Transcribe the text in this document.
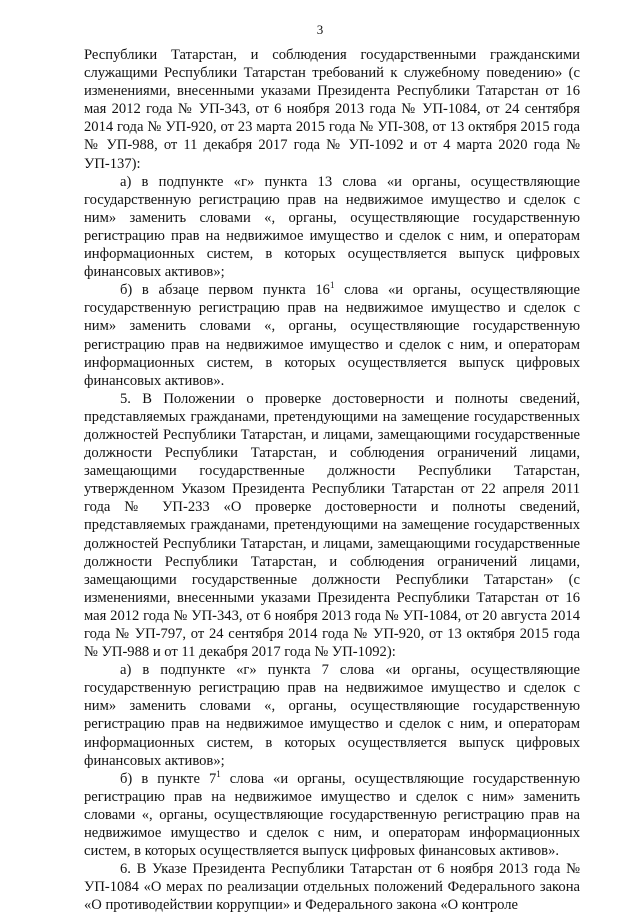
3

Республики Татарстан, и соблюдения государственными гражданскими служащими Республики Татарстан требований к служебному поведению» (с изменениями, внесенными указами Президента Республики Татарстан от 16 мая 2012 года № УП-343, от 6 ноября 2013 года № УП-1084, от 24 сентября 2014 года № УП-920, от 23 марта 2015 года № УП-308, от 13 октября 2015 года № УП-988, от 11 декабря 2017 года № УП-1092 и от 4 марта 2020 года № УП-137):

а) в подпункте «г» пункта 13 слова «и органы, осуществляющие государственную регистрацию прав на недвижимое имущество и сделок с ним» заменить словами «, органы, осуществляющие государственную регистрацию прав на недвижимое имущество и сделок с ним, и операторам информационных систем, в которых осуществляется выпуск цифровых финансовых активов»;

б) в абзаце первом пункта $16^1$ слова «и органы, осуществляющие государственную регистрацию прав на недвижимое имущество и сделок с ним» заменить словами «, органы, осуществляющие государственную регистрацию прав на недвижимое имущество и сделок с ним, и операторам информационных систем, в которых осуществляется выпуск цифровых финансовых активов».

5. В Положении о проверке достоверности и полноты сведений, представляемых гражданами, претендующими на замещение государственных должностей Республики Татарстан, и лицами, замещающими государственные должности Республики Татарстан, и соблюдения ограничений лицами, замещающими государственные должности Республики Татарстан, утвержденном Указом Президента Республики Татарстан от 22 апреля 2011 года № УП-233 «О проверке достоверности и полноты сведений, представляемых гражданами, претендующими на замещение государственных должностей Республики Татарстан, и лицами, замещающими государственные должности Республики Татарстан, и соблюдения ограничений лицами, замещающими государственные должности Республики Татарстан» (с изменениями, внесенными указами Президента Республики Татарстан от 16 мая 2012 года № УП-343, от 6 ноября 2013 года № УП-1084, от 20 августа 2014 года № УП-797, от 24 сентября 2014 года № УП-920, от 13 октября 2015 года № УП-988 и от 11 декабря 2017 года № УП-1092):

а) в подпункте «г» пункта 7 слова «и органы, осуществляющие государственную регистрацию прав на недвижимое имущество и сделок с ним» заменить словами «, органы, осуществляющие государственную регистрацию прав на недвижимое имущество и сделок с ним, и операторам информационных систем, в которых осуществляется выпуск цифровых финансовых активов»;

б) в пункте $7^1$ слова «и органы, осуществляющие государственную регистрацию прав на недвижимое имущество и сделок с ним» заменить словами «, органы, осуществляющие государственную регистрацию прав на недвижимое имущество и сделок с ним, и операторам информационных систем, в которых осуществляется выпуск цифровых финансовых активов».

6. В Указе Президента Республики Татарстан от 6 ноября 2013 года № УП-1084 «О мерах по реализации отдельных положений Федерального закона «О противодействии коррупции» и Федерального закона «О контроле
